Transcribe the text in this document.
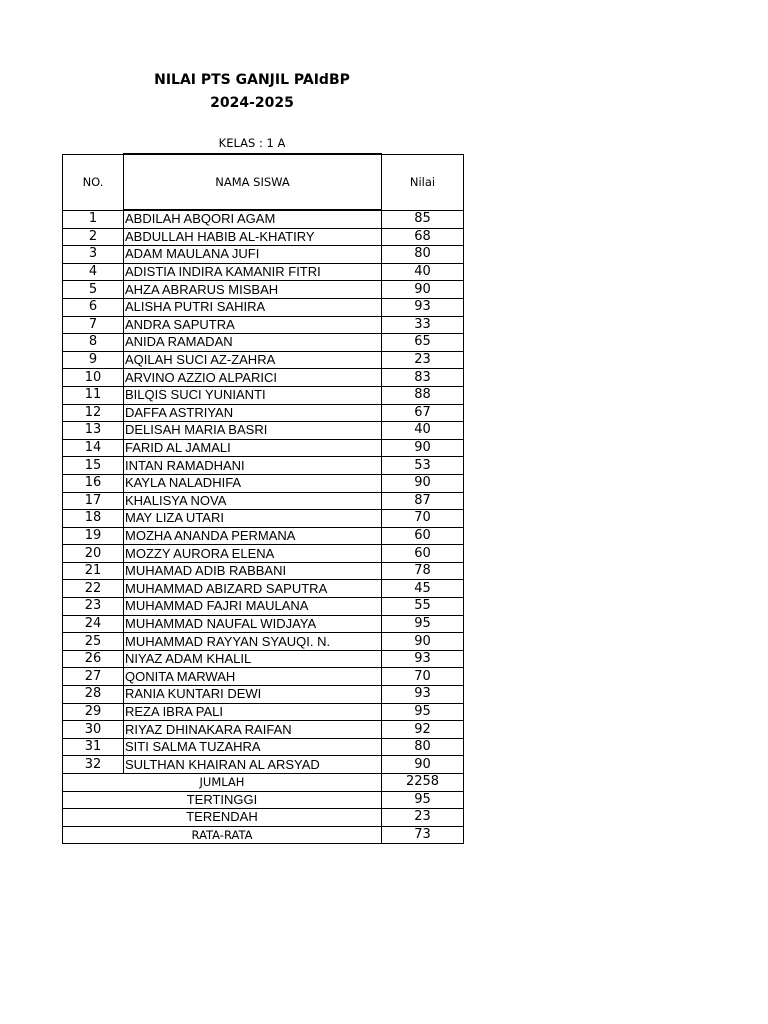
NILAI PTS GANJIL PAIdBP
2024-2025
KELAS : 1 A
NO.	NAMA SISWA	Nilai
1	ABDILAH ABQORI AGAM	85
2	ABDULLAH HABIB AL-KHATIRY	68
3	ADAM MAULANA JUFI	80
4	ADISTIA INDIRA KAMANIR FITRI	40
5	AHZA ABRARUS MISBAH	90
6	ALISHA PUTRI SAHIRA	93
7	ANDRA SAPUTRA	33
8	ANIDA RAMADAN	65
9	AQILAH SUCI AZ-ZAHRA	23
10	ARVINO AZZIO ALPARICI	83
11	BILQIS SUCI YUNIANTI	88
12	DAFFA ASTRIYAN	67
13	DELISAH MARIA BASRI	40
14	FARID AL JAMALI	90
15	INTAN RAMADHANI	53
16	KAYLA NALADHIFA	90
17	KHALISYA NOVA	87
18	MAY LIZA UTARI	70
19	MOZHA ANANDA PERMANA	60
20	MOZZY AURORA ELENA	60
21	MUHAMAD ADIB RABBANI	78
22	MUHAMMAD ABIZARD SAPUTRA	45
23	MUHAMMAD FAJRI MAULANA	55
24	MUHAMMAD NAUFAL WIDJAYA	95
25	MUHAMMAD RAYYAN SYAUQI. N.	90
26	NIYAZ ADAM KHALIL	93
27	QONITA MARWAH	70
28	RANIA KUNTARI DEWI	93
29	REZA IBRA PALI	95
30	RIYAZ DHINAKARA RAIFAN	92
31	SITI SALMA TUZAHRA	80
32	SULTHAN KHAIRAN AL ARSYAD	90
JUMLAH		2258
TERTINGGI		95
TERENDAH		23
RATA-RATA		73
